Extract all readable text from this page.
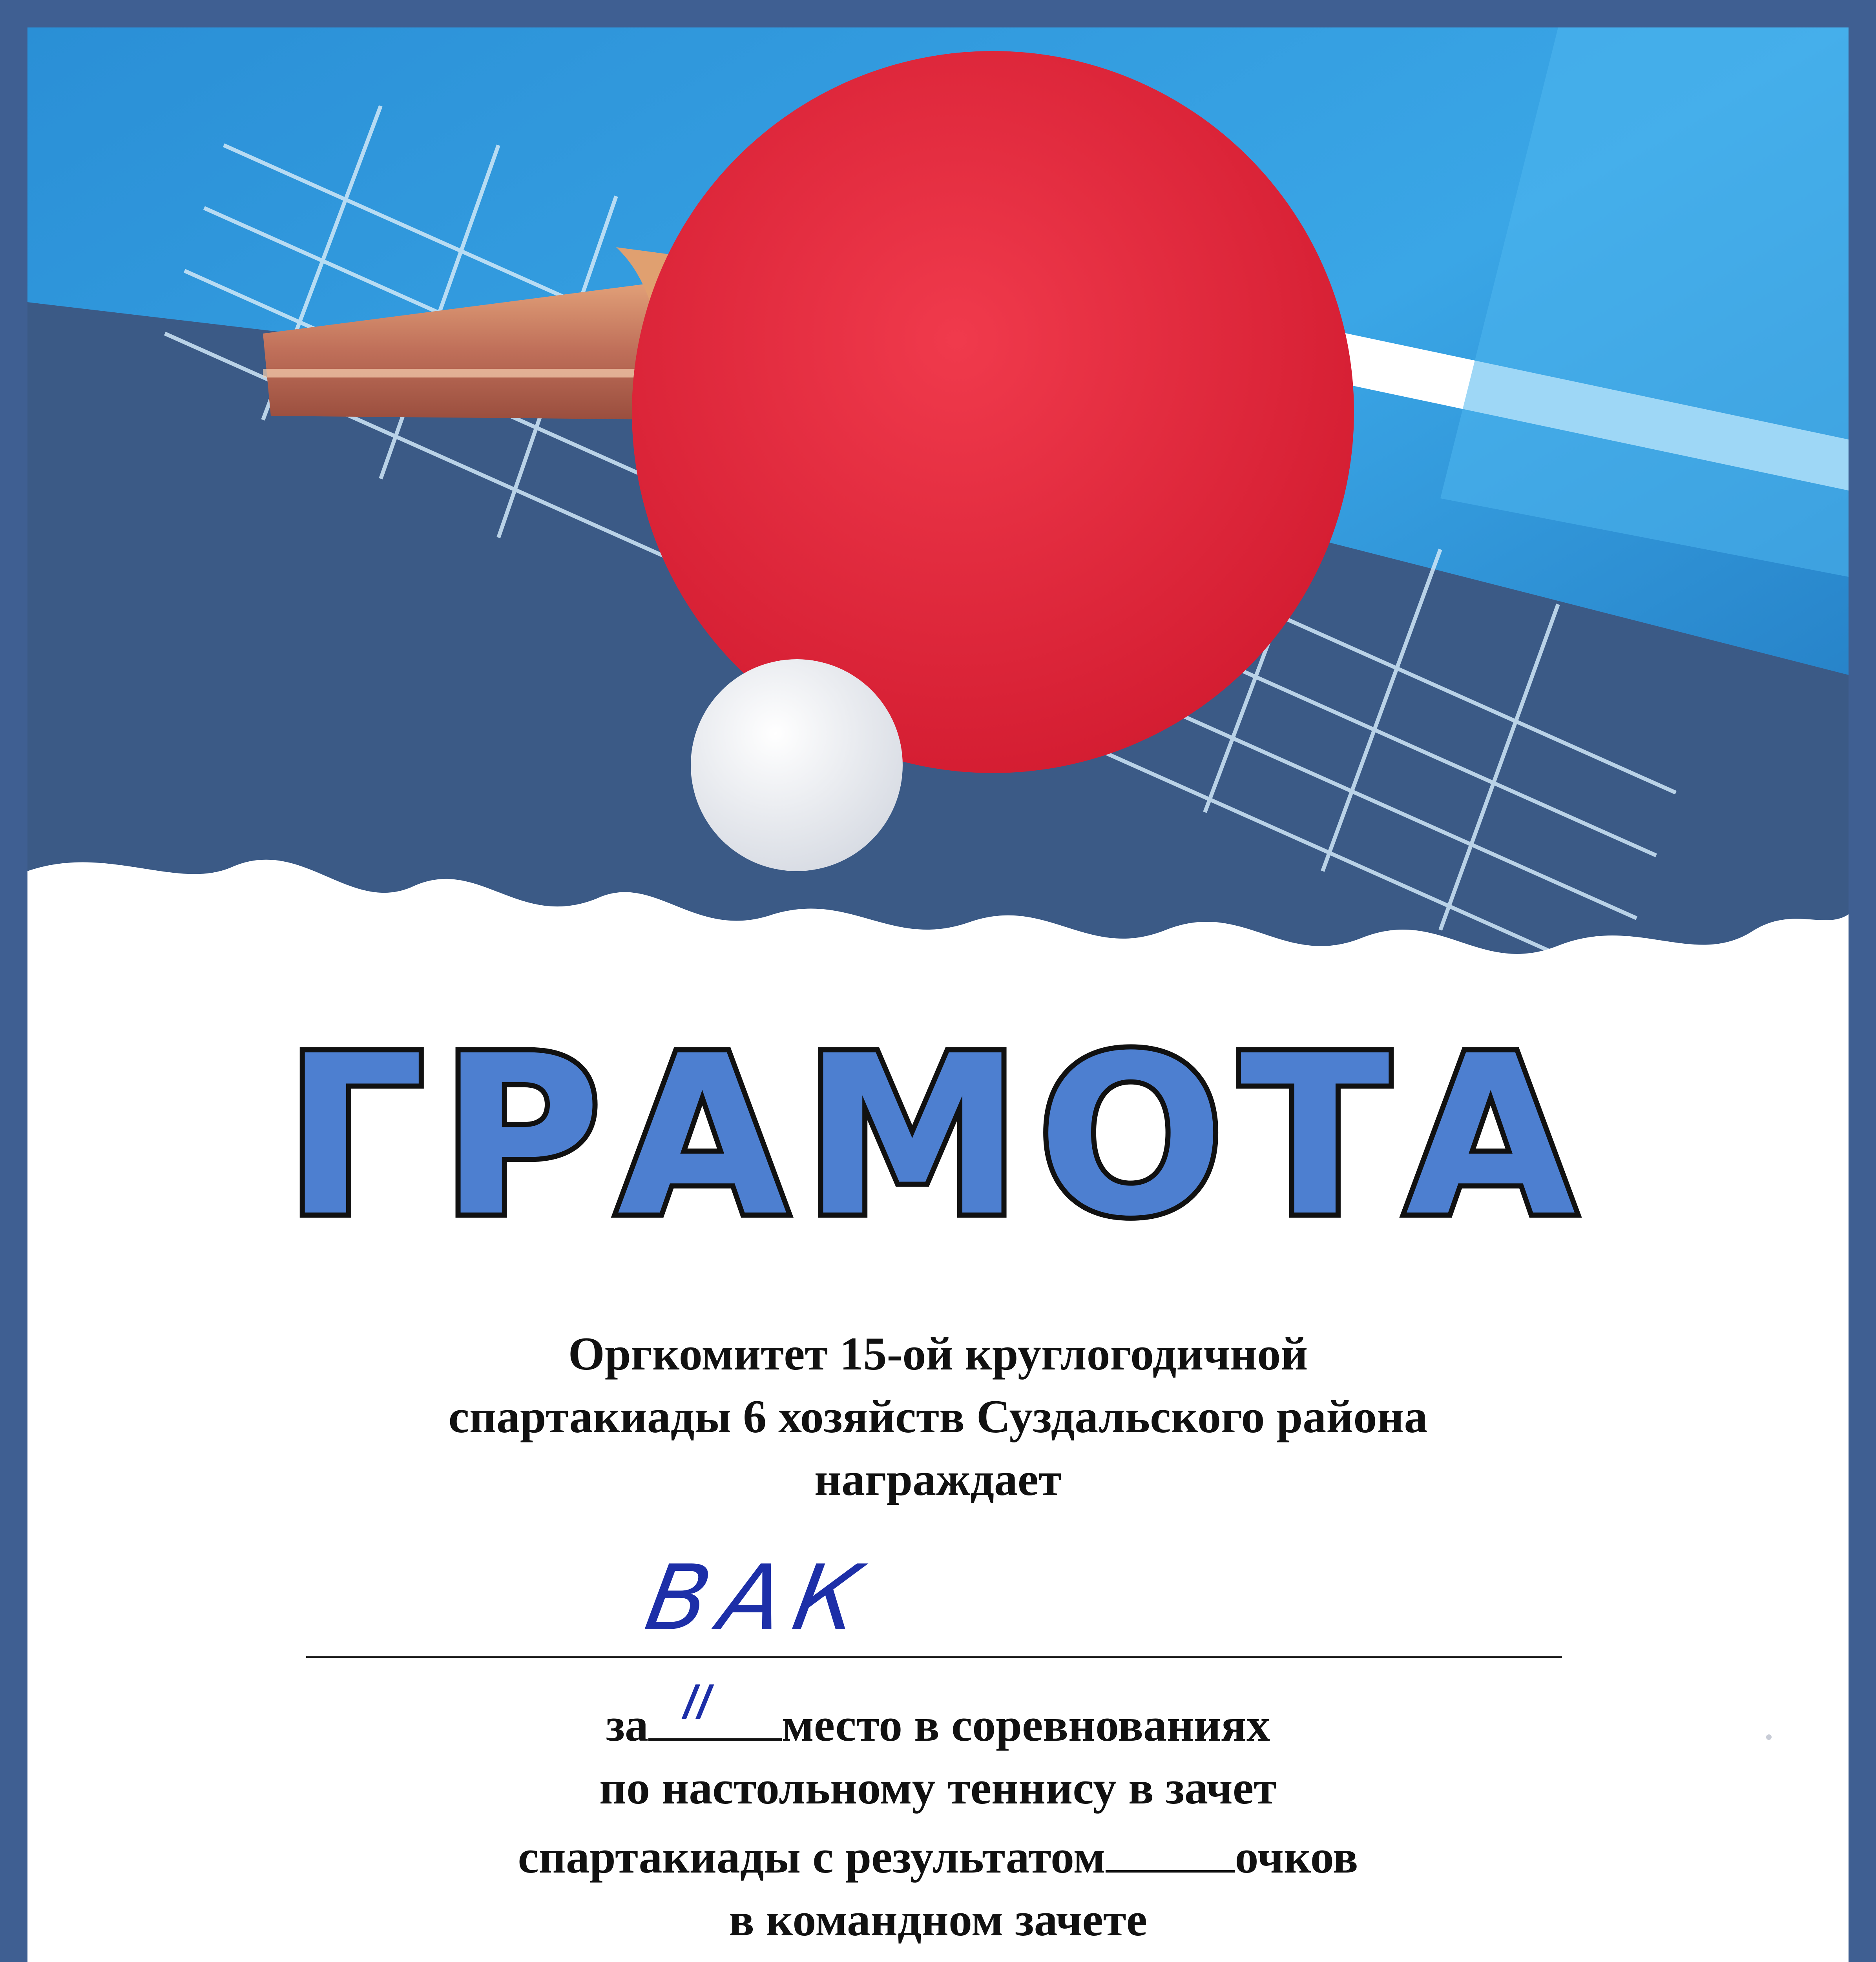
ГРАМОТА
Оргкомитет 15-ой круглогодичной
спартакиады 6 хозяйств Суздальского района
награждает
ВАК
за II место в соревнованиях
по настольному теннису в зачет
спартакиады с результатом	очков
в командном зачете
